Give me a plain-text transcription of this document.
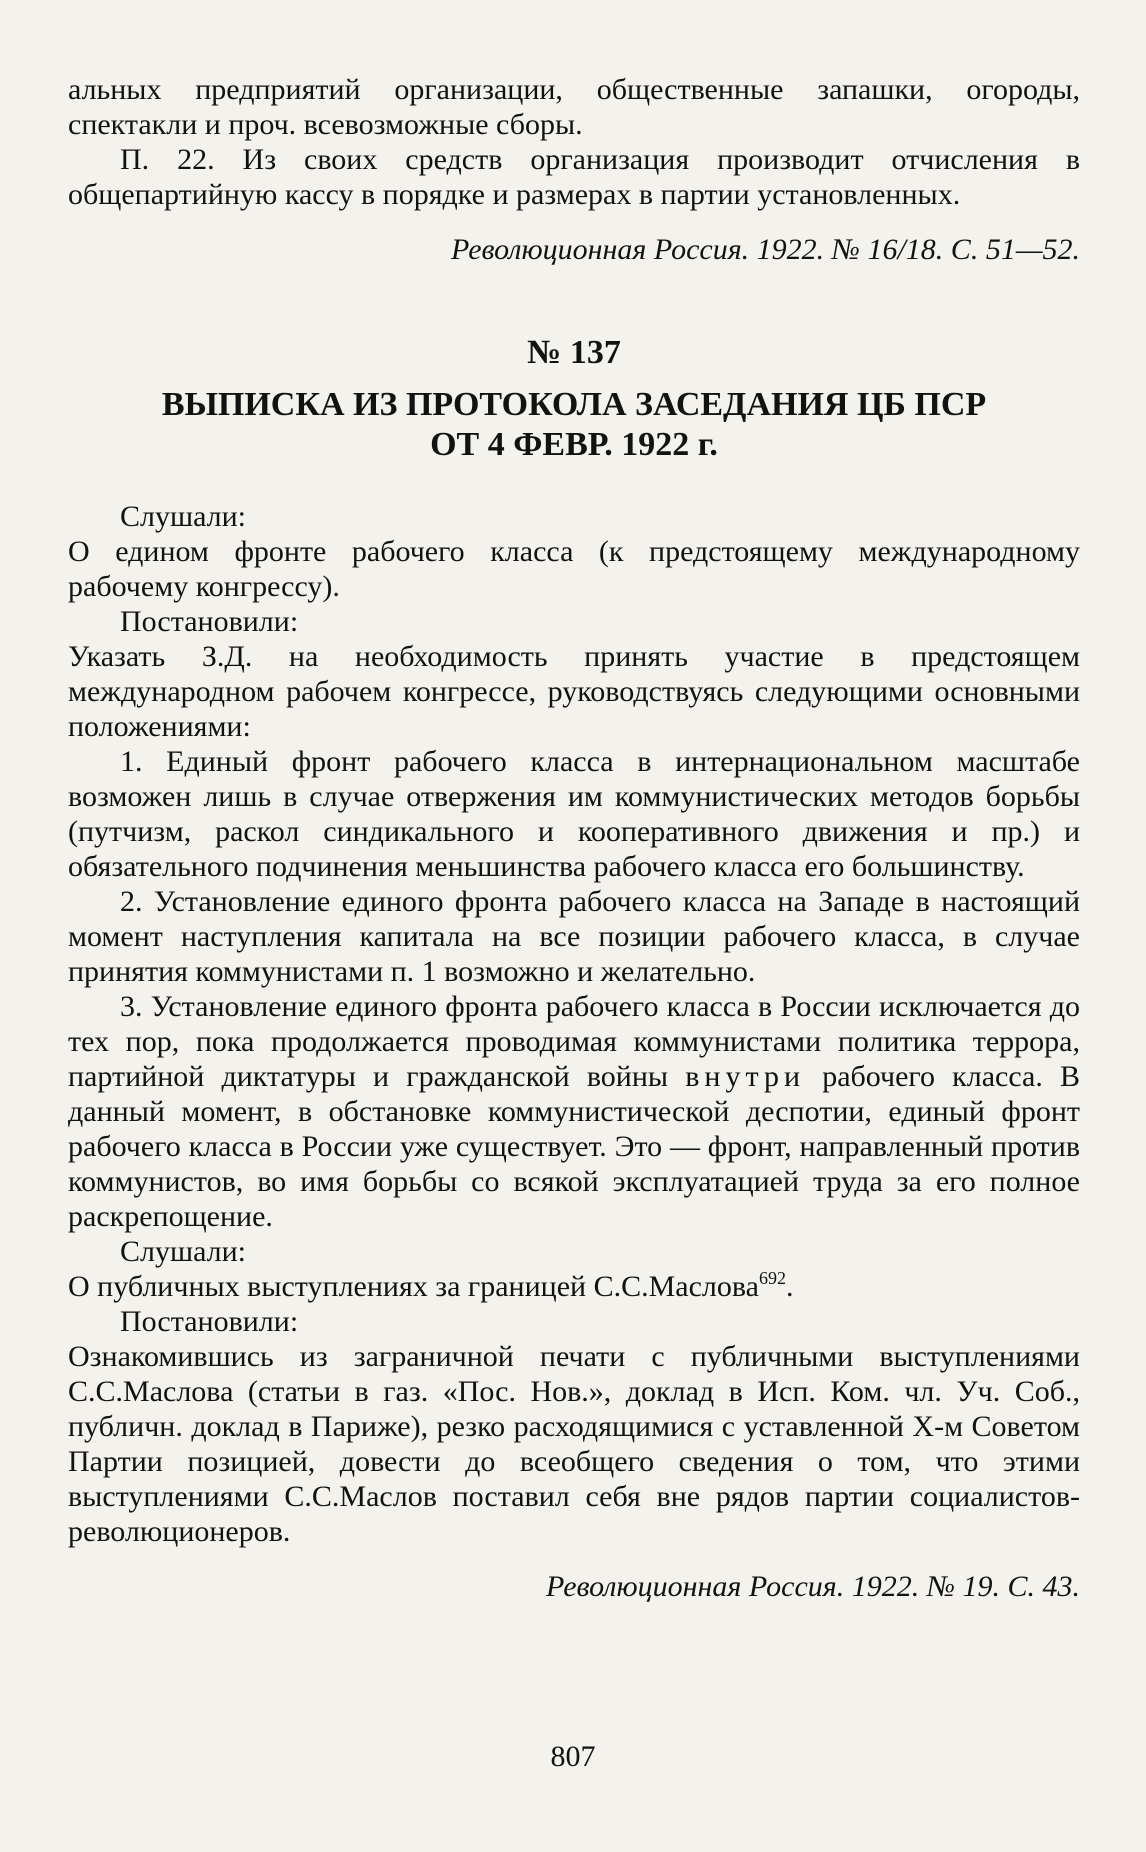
альных предприятий организации, общественные запашки, огороды, спектакли и проч. всевозможные сборы.

П. 22. Из своих средств организация производит отчисления в общепартийную кассу в порядке и размерах в партии установленных.

Революционная Россия. 1922. № 16/18. С. 51—52.

№ 137
ВЫПИСКА ИЗ ПРОТОКОЛА ЗАСЕДАНИЯ ЦБ ПСР
ОТ 4 ФЕВР. 1922 г.

Слушали:

О едином фронте рабочего класса (к предстоящему международному рабочему конгрессу).

Постановили:

Указать З.Д. на необходимость принять участие в предстоящем международном рабочем конгрессе, руководствуясь следующими основными положениями:

1. Единый фронт рабочего класса в интернациональном масштабе возможен лишь в случае отвержения им коммунистических методов борьбы (путчизм, раскол синдикального и кооперативного движения и пр.) и обязательного подчинения меньшинства рабочего класса его большинству.

2. Установление единого фронта рабочего класса на Западе в настоящий момент наступления капитала на все позиции рабочего класса, в случае принятия коммунистами п. 1 возможно и желательно.

3. Установление единого фронта рабочего класса в России исключается до тех пор, пока продолжается проводимая коммунистами политика террора, партийной диктатуры и гражданской войны внутри рабочего класса. В данный момент, в обстановке коммунистической деспотии, единый фронт рабочего класса в России уже существует. Это — фронт, направленный против коммунистов, во имя борьбы со всякой эксплуатацией труда за его полное раскрепощение.

Слушали:

О публичных выступлениях за границей С.С.Маслова$^{692}$.

Постановили:

Ознакомившись из заграничной печати с публичными выступлениями С.С.Маслова (статьи в газ. «Пос. Нов.», доклад в Исп. Ком. чл. Уч. Соб., публичн. доклад в Париже), резко расходящимися с уставленной Х-м Советом Партии позицией, довести до всеобщего сведения о том, что этими выступлениями С.С.Маслов поставил себя вне рядов партии социалистов-революционеров.

Революционная Россия. 1922. № 19. С. 43.

807
